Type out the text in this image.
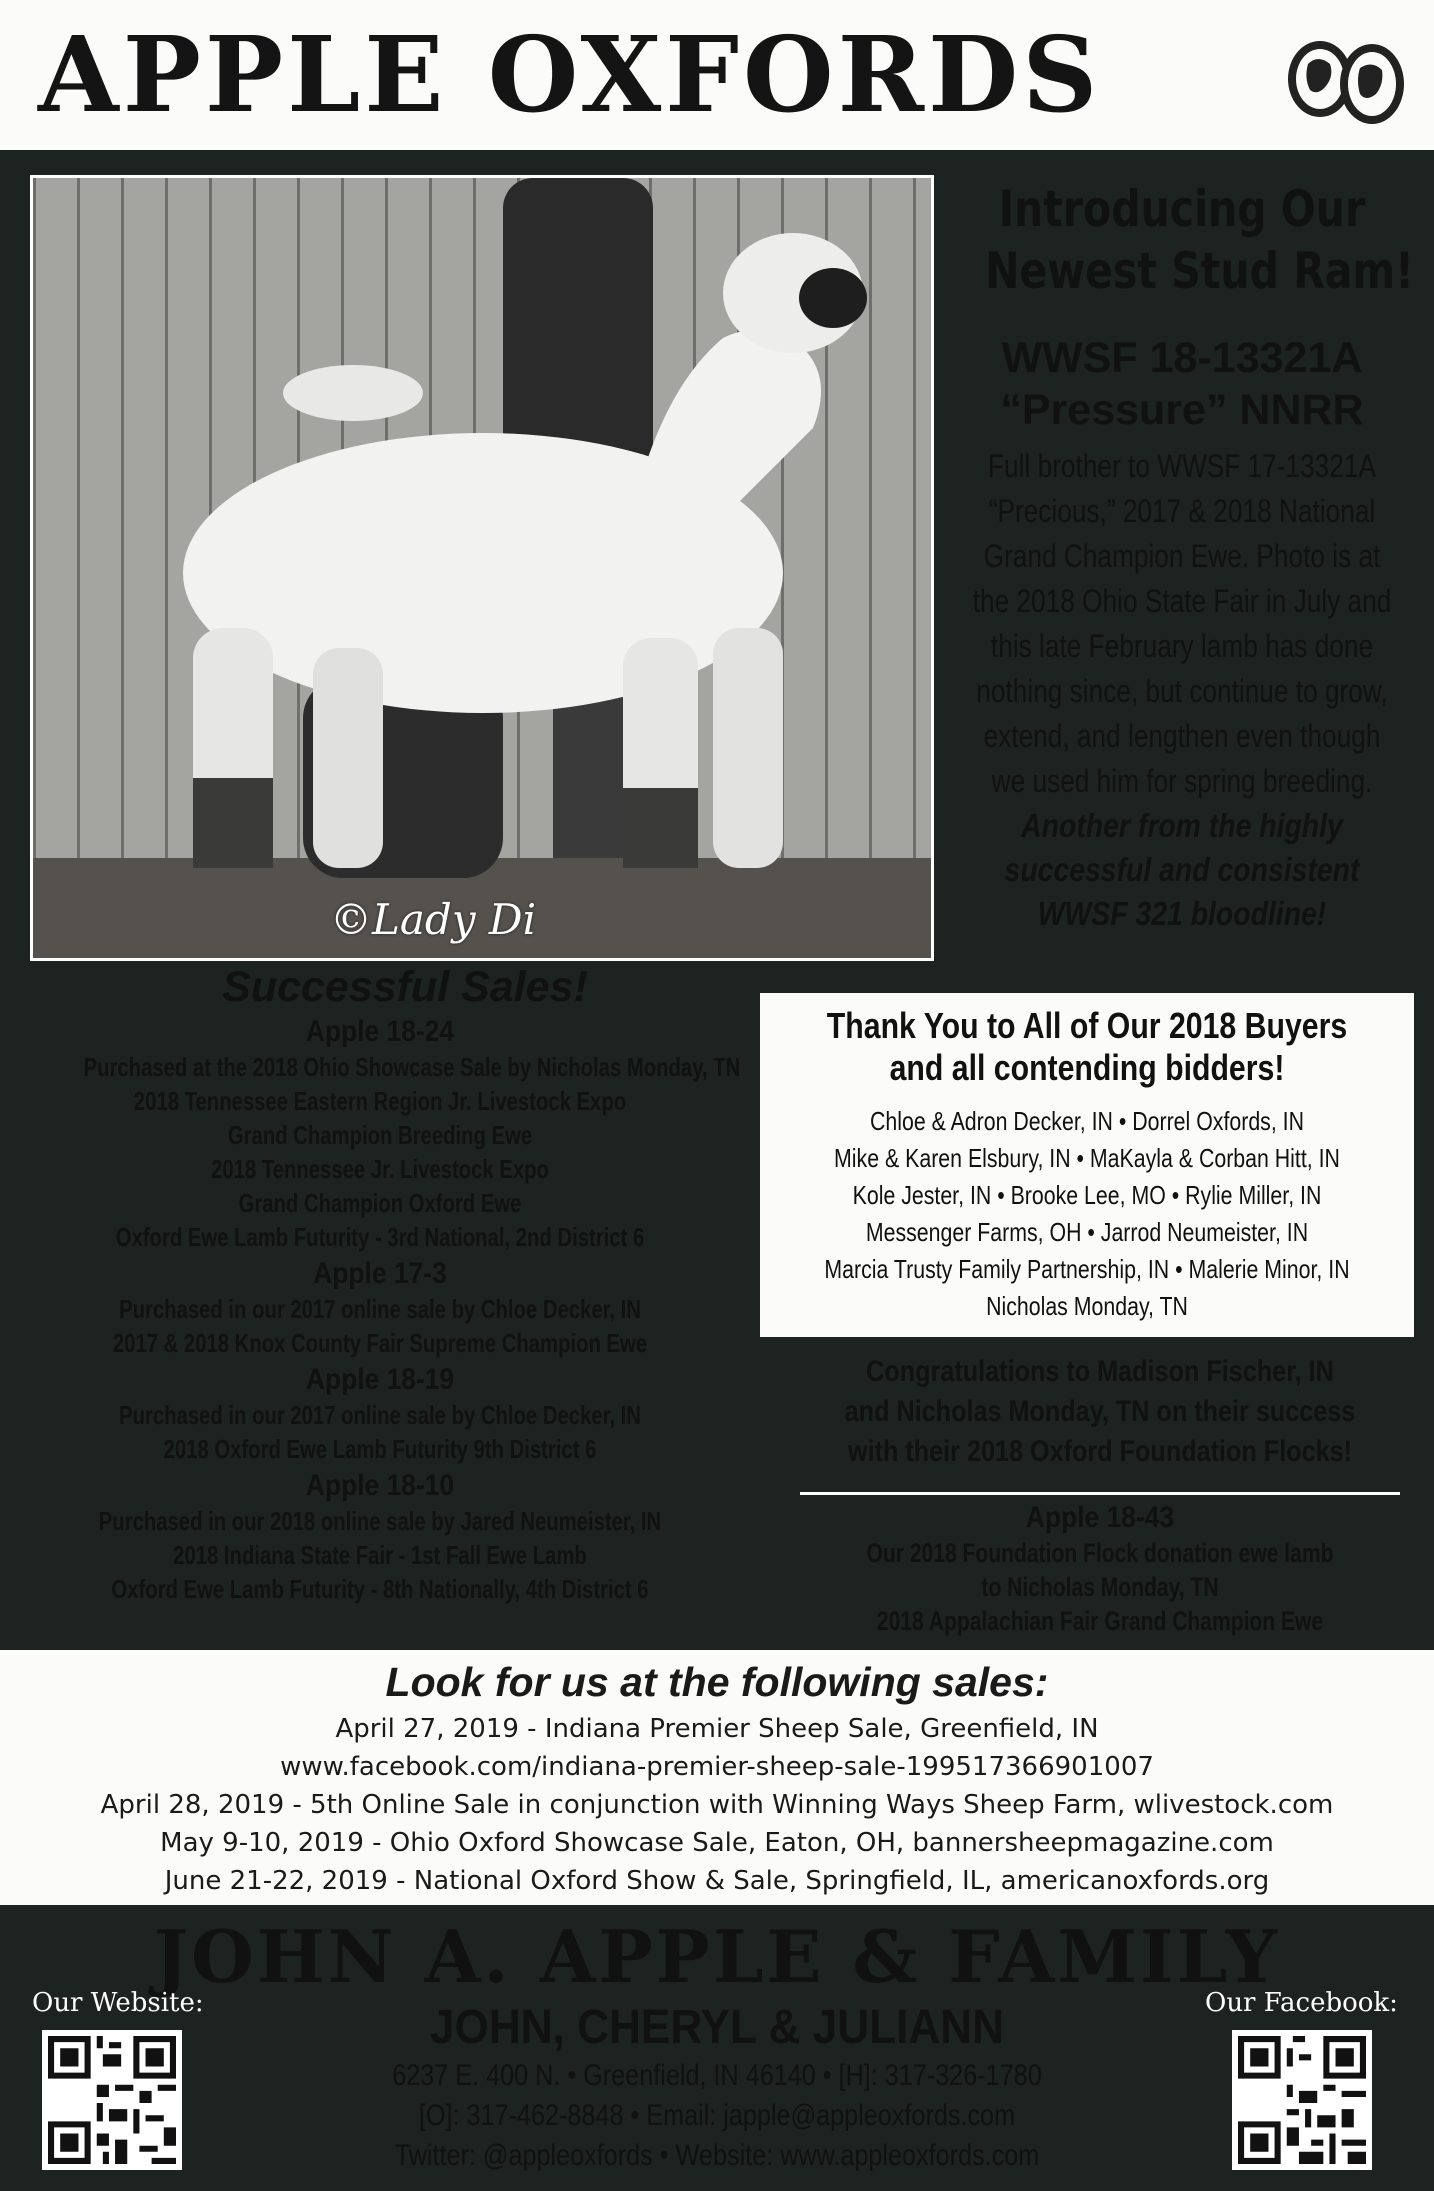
APPLE OXFORDS
©Lady Di
Introducing Our
Newest Stud Ram!
WWSF 18-13321A
“Pressure” NNRR
Full brother to WWSF 17-13321A
“Precious,” 2017 & 2018 National
Grand Champion Ewe. Photo is at
the 2018 Ohio State Fair in July and
this late February lamb has done
nothing since, but continue to grow,
extend, and lengthen even though
we used him for spring breeding.
Another from the highly
successful and consistent
WWSF 321 bloodline!
Successful Sales!
Apple 18-24
Purchased at the 2018 Ohio Showcase Sale by Nicholas Monday, TN
2018 Tennessee Eastern Region Jr. Livestock Expo
Grand Champion Breeding Ewe
2018 Tennessee Jr. Livestock Expo
Grand Champion Oxford Ewe
Oxford Ewe Lamb Futurity - 3rd National, 2nd District 6
Apple 17-3
Purchased in our 2017 online sale by Chloe Decker, IN
2017 & 2018 Knox County Fair Supreme Champion Ewe
Apple 18-19
Purchased in our 2017 online sale by Chloe Decker, IN
2018 Oxford Ewe Lamb Futurity 9th District 6
Apple 18-10
Purchased in our 2018 online sale by Jared Neumeister, IN
2018 Indiana State Fair - 1st Fall Ewe Lamb
Oxford Ewe Lamb Futurity - 8th Nationally, 4th District 6
Thank You to All of Our 2018 Buyers
and all contending bidders!
Chloe & Adron Decker, IN • Dorrel Oxfords, IN
Mike & Karen Elsbury, IN • MaKayla & Corban Hitt, IN
Kole Jester, IN • Brooke Lee, MO • Rylie Miller, IN
Messenger Farms, OH • Jarrod Neumeister, IN
Marcia Trusty Family Partnership, IN • Malerie Minor, IN
Nicholas Monday, TN
Congratulations to Madison Fischer, IN
and Nicholas Monday, TN on their success
with their 2018 Oxford Foundation Flocks!
Apple 18-43
Our 2018 Foundation Flock donation ewe lamb
to Nicholas Monday, TN
2018 Appalachian Fair Grand Champion Ewe
Look for us at the following sales:
April 27, 2019 - Indiana Premier Sheep Sale, Greenfield, IN
www.facebook.com/indiana-premier-sheep-sale-199517366901007
April 28, 2019 - 5th Online Sale in conjunction with Winning Ways Sheep Farm, wlivestock.com
May 9-10, 2019 - Ohio Oxford Showcase Sale, Eaton, OH, bannersheepmagazine.com
June 21-22, 2019 - National Oxford Show & Sale, Springfield, IL, americanoxfords.org
JOHN A. APPLE & FAMILY
Our Website:	Our Facebook:
JOHN, CHERYL & JULIANN
6237 E. 400 N. • Greenfield, IN 46140 • [H]: 317-326-1780
[O]: 317-462-8848 • Email: japple@appleoxfords.com
Twitter: @appleoxfords • Website: www.appleoxfords.com
